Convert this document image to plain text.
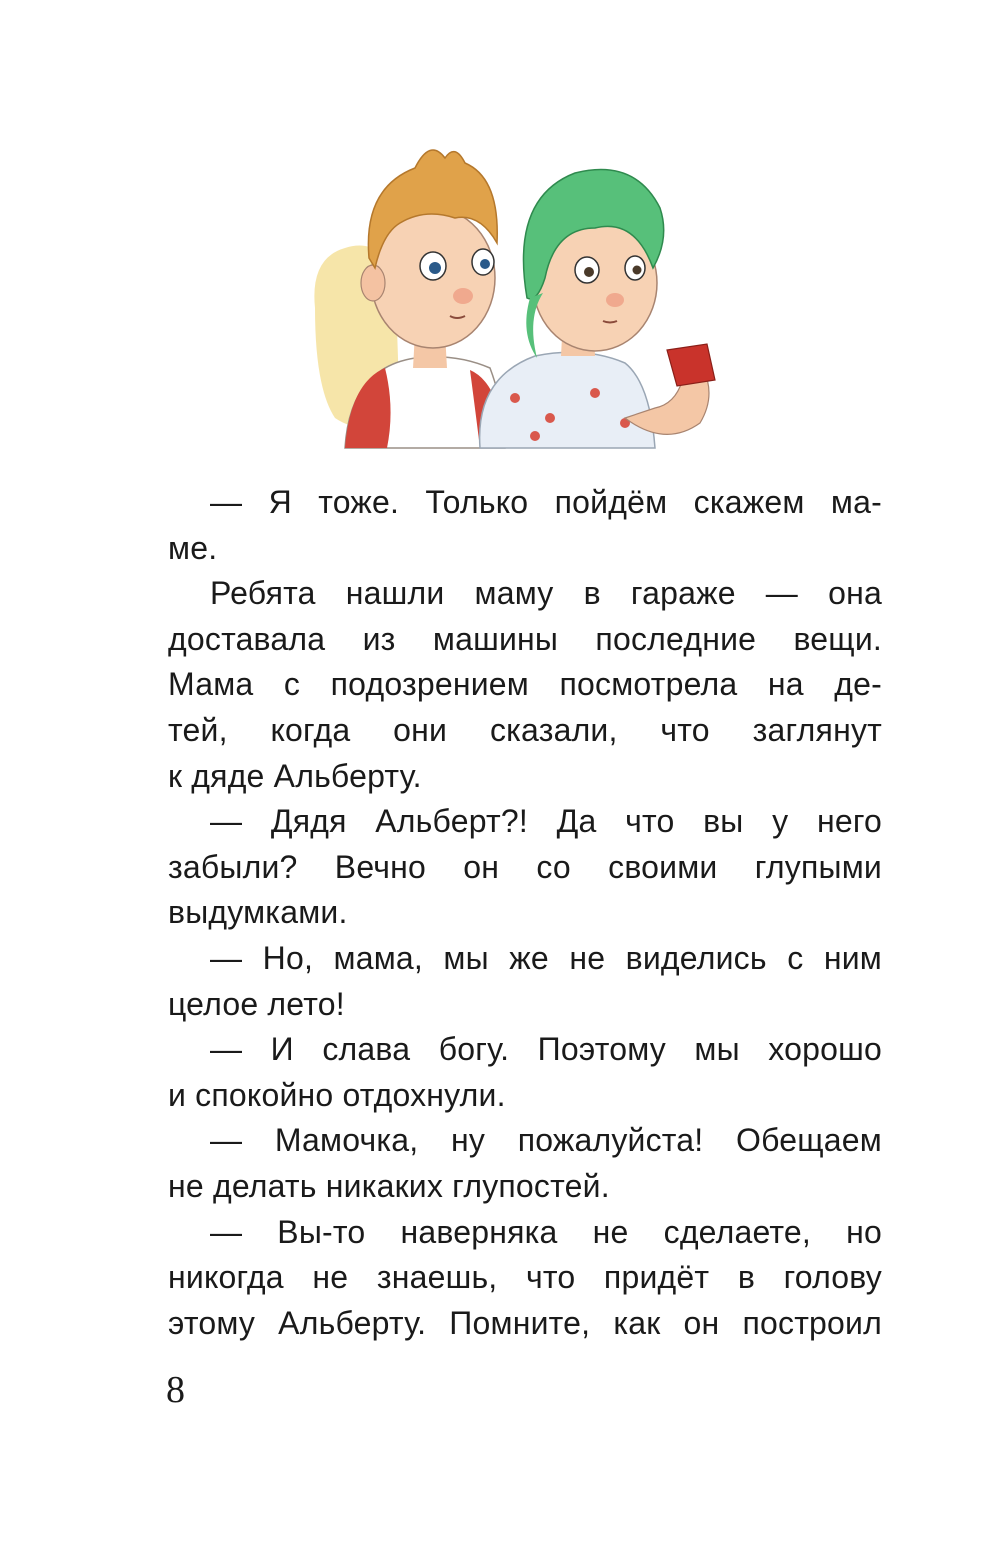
— Я тоже. Только пойдём скажем ма-
ме.

Ребята нашли маму в гараже — она
доставала из машины последние вещи.
Мама с подозрением посмотрела на де-
тей, когда они сказали, что заглянут
к дяде Альберту.

— Дядя Альберт?! Да что вы у него
забыли? Вечно он со своими глупыми
выдумками.

— Но, мама, мы же не виделись с ним
целое лето!

— И слава богу. Поэтому мы хорошо
и спокойно отдохнули.

— Мамочка, ну пожалуйста! Обещаем
не делать никаких глупостей.

— Вы-то наверняка не сделаете, но
никогда не знаешь, что придёт в голову
этому Альберту. Помните, как он построил

8
